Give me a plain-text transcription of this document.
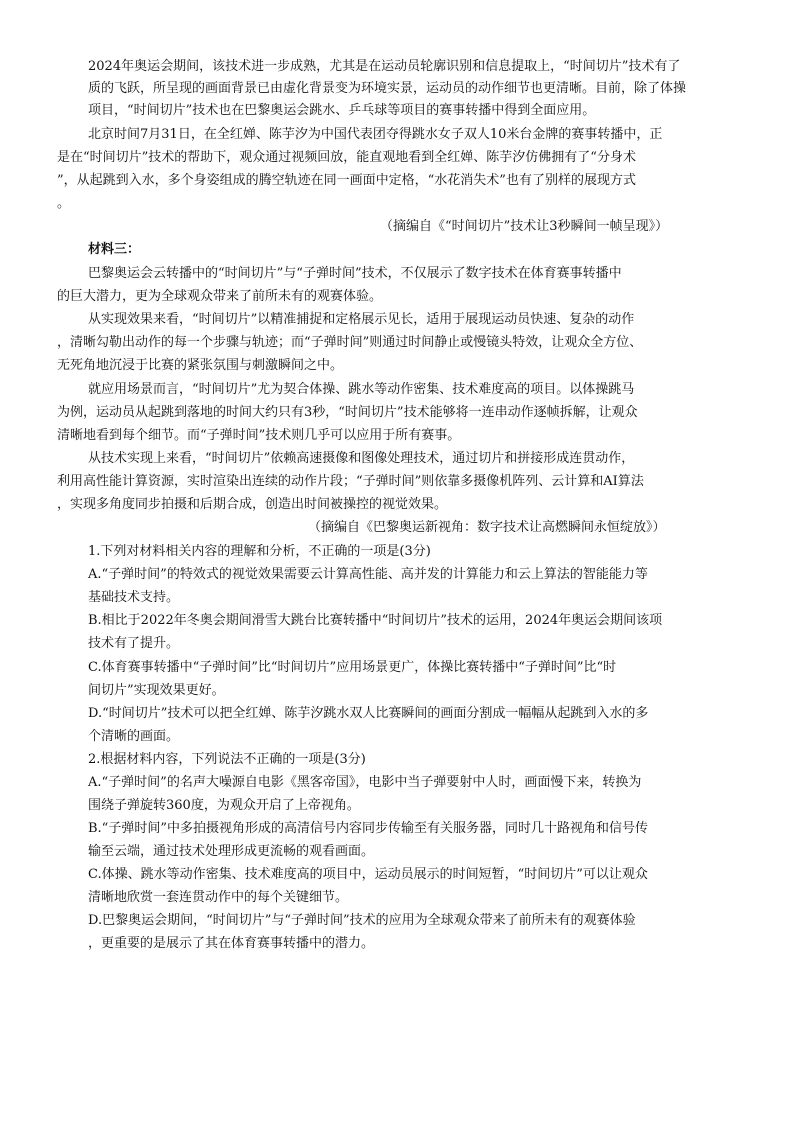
2024年奥运会期间，该技术进一步成熟，尤其是在运动员轮廓识别和信息提取上，“时间切片”技术有了
质的飞跃，所呈现的画面背景已由虚化背景变为环境实景，运动员的动作细节也更清晰。目前，除了体操
项目，“时间切片”技术也在巴黎奥运会跳水、乒乓球等项目的赛事转播中得到全面应用。
北京时间7月31日，在全红婵、陈芋汐为中国代表团夺得跳水女子双人10米台金牌的赛事转播中，正
是在“时间切片”技术的帮助下，观众通过视频回放，能直观地看到全红婵、陈芋汐仿佛拥有了“分身术
”，从起跳到入水，多个身姿组成的腾空轨迹在同一画面中定格，“水花消失术”也有了别样的展现方式
。
（摘编自《“时间切片”技术让3秒瞬间一帧呈现》）
材料三：
巴黎奥运会云转播中的“时间切片”与“子弹时间”技术，不仅展示了数字技术在体育赛事转播中
的巨大潜力，更为全球观众带来了前所未有的观赛体验。
从实现效果来看，“时间切片”以精准捕捉和定格展示见长，适用于展现运动员快速、复杂的动作
，清晰勾勒出动作的每一个步骤与轨迹；而“子弹时间”则通过时间静止或慢镜头特效，让观众全方位、
无死角地沉浸于比赛的紧张氛围与刺激瞬间之中。
就应用场景而言，“时间切片”尤为契合体操、跳水等动作密集、技术难度高的项目。以体操跳马
为例，运动员从起跳到落地的时间大约只有3秒，“时间切片”技术能够将一连串动作逐帧拆解，让观众
清晰地看到每个细节。而“子弹时间”技术则几乎可以应用于所有赛事。
从技术实现上来看，“时间切片”依赖高速摄像和图像处理技术，通过切片和拼接形成连贯动作，
利用高性能计算资源，实时渲染出连续的动作片段；“子弹时间”则依靠多摄像机阵列、云计算和AI算法
，实现多角度同步拍摄和后期合成，创造出时间被操控的视觉效果。
（摘编自《巴黎奥运新视角：数字技术让高燃瞬间永恒绽放》）
1.下列对材料相关内容的理解和分析，不正确的一项是(3分)
A.“子弹时间”的特效式的视觉效果需要云计算高性能、高并发的计算能力和云上算法的智能能力等
基础技术支持。
B.相比于2022年冬奥会期间滑雪大跳台比赛转播中“时间切片”技术的运用，2024年奥运会期间该项
技术有了提升。
C.体育赛事转播中“子弹时间”比“时间切片”应用场景更广，体操比赛转播中“子弹时间”比“时
间切片”实现效果更好。
D.“时间切片”技术可以把全红婵、陈芋汐跳水双人比赛瞬间的画面分割成一幅幅从起跳到入水的多
个清晰的画面。
2.根据材料内容，下列说法不正确的一项是(3分)
A.“子弹时间”的名声大噪源自电影《黑客帝国》，电影中当子弹要射中人时，画面慢下来，转换为
围绕子弹旋转360度，为观众开启了上帝视角。
B.“子弹时间”中多拍摄视角形成的高清信号内容同步传输至有关服务器，同时几十路视角和信号传
输至云端，通过技术处理形成更流畅的观看画面。
C.体操、跳水等动作密集、技术难度高的项目中，运动员展示的时间短暂，“时间切片”可以让观众
清晰地欣赏一套连贯动作中的每个关键细节。
D.巴黎奥运会期间，“时间切片”与“子弹时间”技术的应用为全球观众带来了前所未有的观赛体验
，更重要的是展示了其在体育赛事转播中的潜力。
